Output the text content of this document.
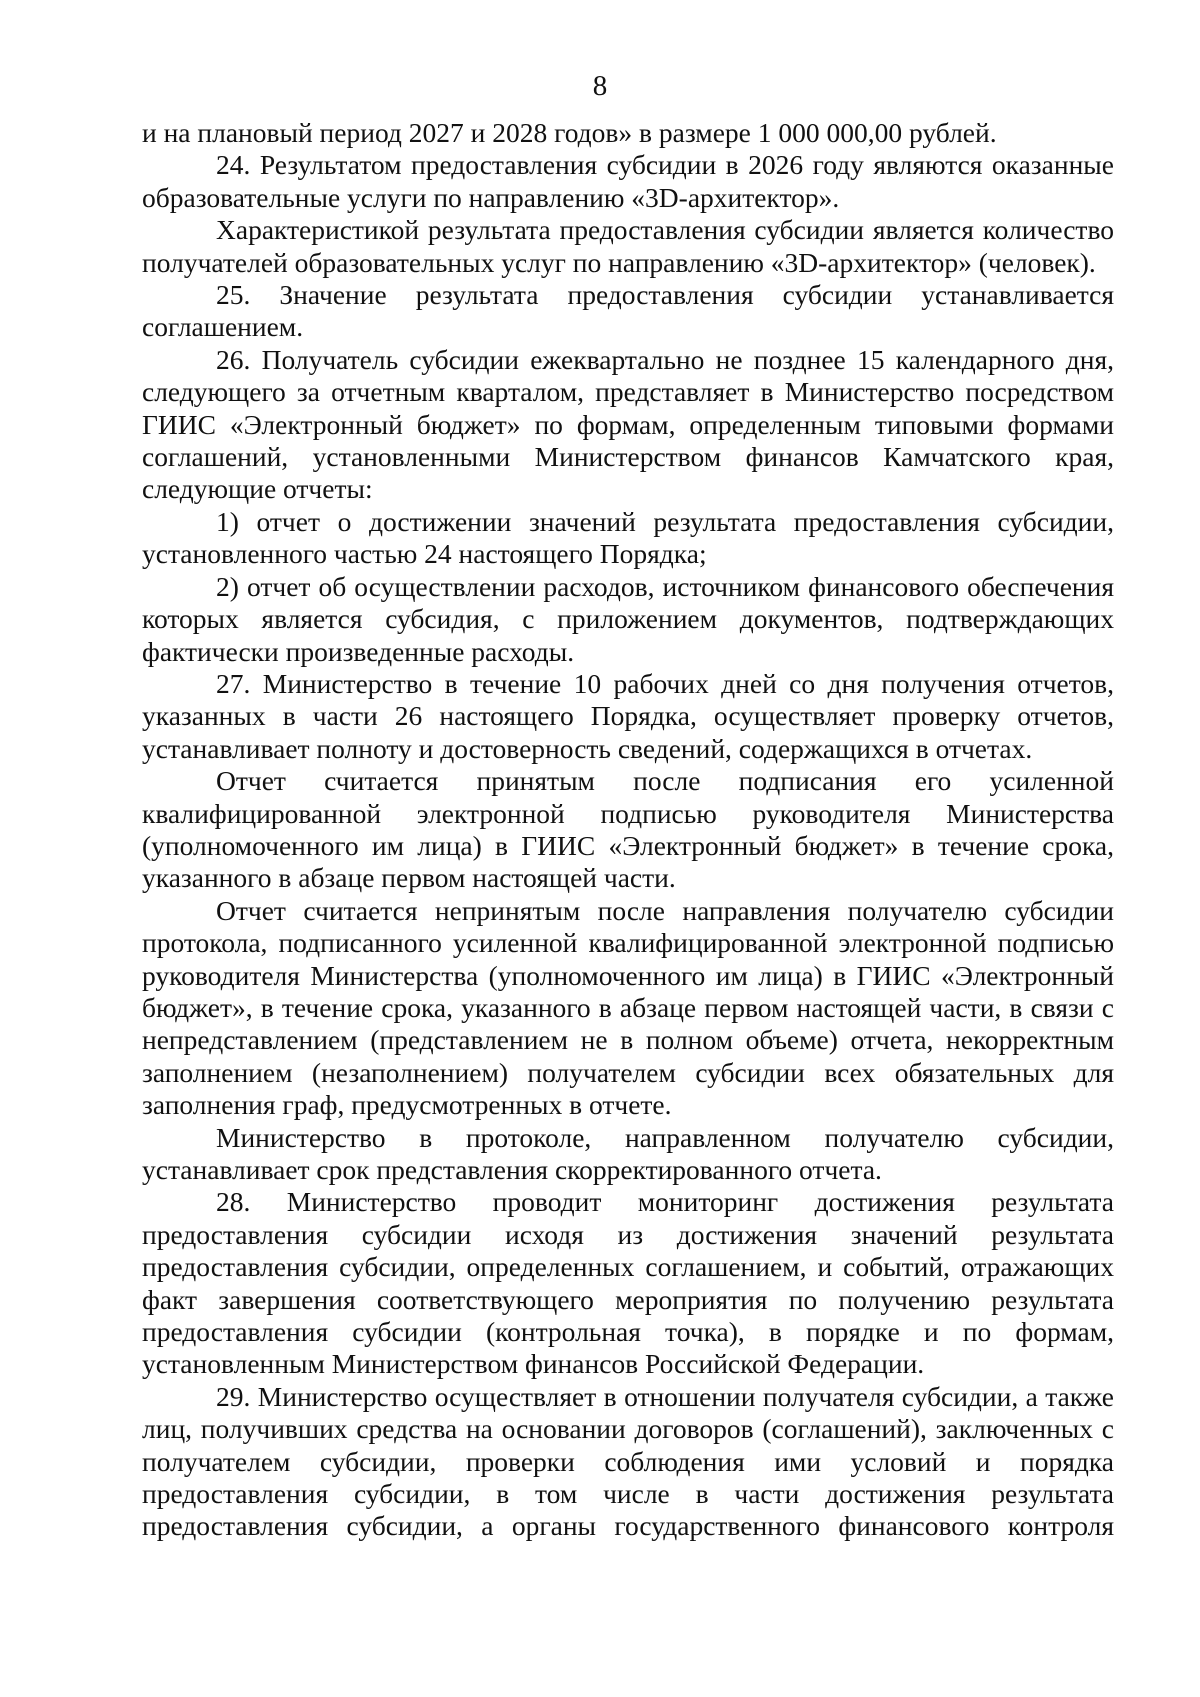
8

и на плановый период 2027 и 2028 годов» в размере 1 000 000,00 рублей.

24. Результатом предоставления субсидии в 2026 году являются оказанные образовательные услуги по направлению «3D-архитектор».

Характеристикой результата предоставления субсидии является количество получателей образовательных услуг по направлению «3D-архитектор» (человек).

25. Значение результата предоставления субсидии устанавливается соглашением.

26. Получатель субсидии ежеквартально не позднее 15 календарного дня, следующего за отчетным кварталом, представляет в Министерство посредством ГИИС «Электронный бюджет» по формам, определенным типовыми формами соглашений, установленными Министерством финансов Камчатского края, следующие отчеты:

1) отчет о достижении значений результата предоставления субсидии, установленного частью 24 настоящего Порядка;

2) отчет об осуществлении расходов, источником финансового обеспечения которых является субсидия, с приложением документов, подтверждающих фактически произведенные расходы.

27. Министерство в течение 10 рабочих дней со дня получения отчетов, указанных в части 26 настоящего Порядка, осуществляет проверку отчетов, устанавливает полноту и достоверность сведений, содержащихся в отчетах.

Отчет считается принятым после подписания его усиленной квалифицированной электронной подписью руководителя Министерства (уполномоченного им лица) в ГИИС «Электронный бюджет» в течение срока, указанного в абзаце первом настоящей части.

Отчет считается непринятым после направления получателю субсидии протокола, подписанного усиленной квалифицированной электронной подписью руководителя Министерства (уполномоченного им лица) в ГИИС «Электронный бюджет», в течение срока, указанного в абзаце первом настоящей части, в связи с непредставлением (представлением не в полном объеме) отчета, некорректным заполнением (незаполнением) получателем субсидии всех обязательных для заполнения граф, предусмотренных в отчете.

Министерство в протоколе, направленном получателю субсидии, устанавливает срок представления скорректированного отчета.

28. Министерство проводит мониторинг достижения результата предоставления субсидии исходя из достижения значений результата предоставления субсидии, определенных соглашением, и событий, отражающих факт завершения соответствующего мероприятия по получению результата предоставления субсидии (контрольная точка), в порядке и по формам, установленным Министерством финансов Российской Федерации.

29. Министерство осуществляет в отношении получателя субсидии, а также лиц, получивших средства на основании договоров (соглашений), заключенных с получателем субсидии, проверки соблюдения ими условий и порядка предоставления субсидии, в том числе в части достижения результата предоставления субсидии, а органы государственного финансового контроля
